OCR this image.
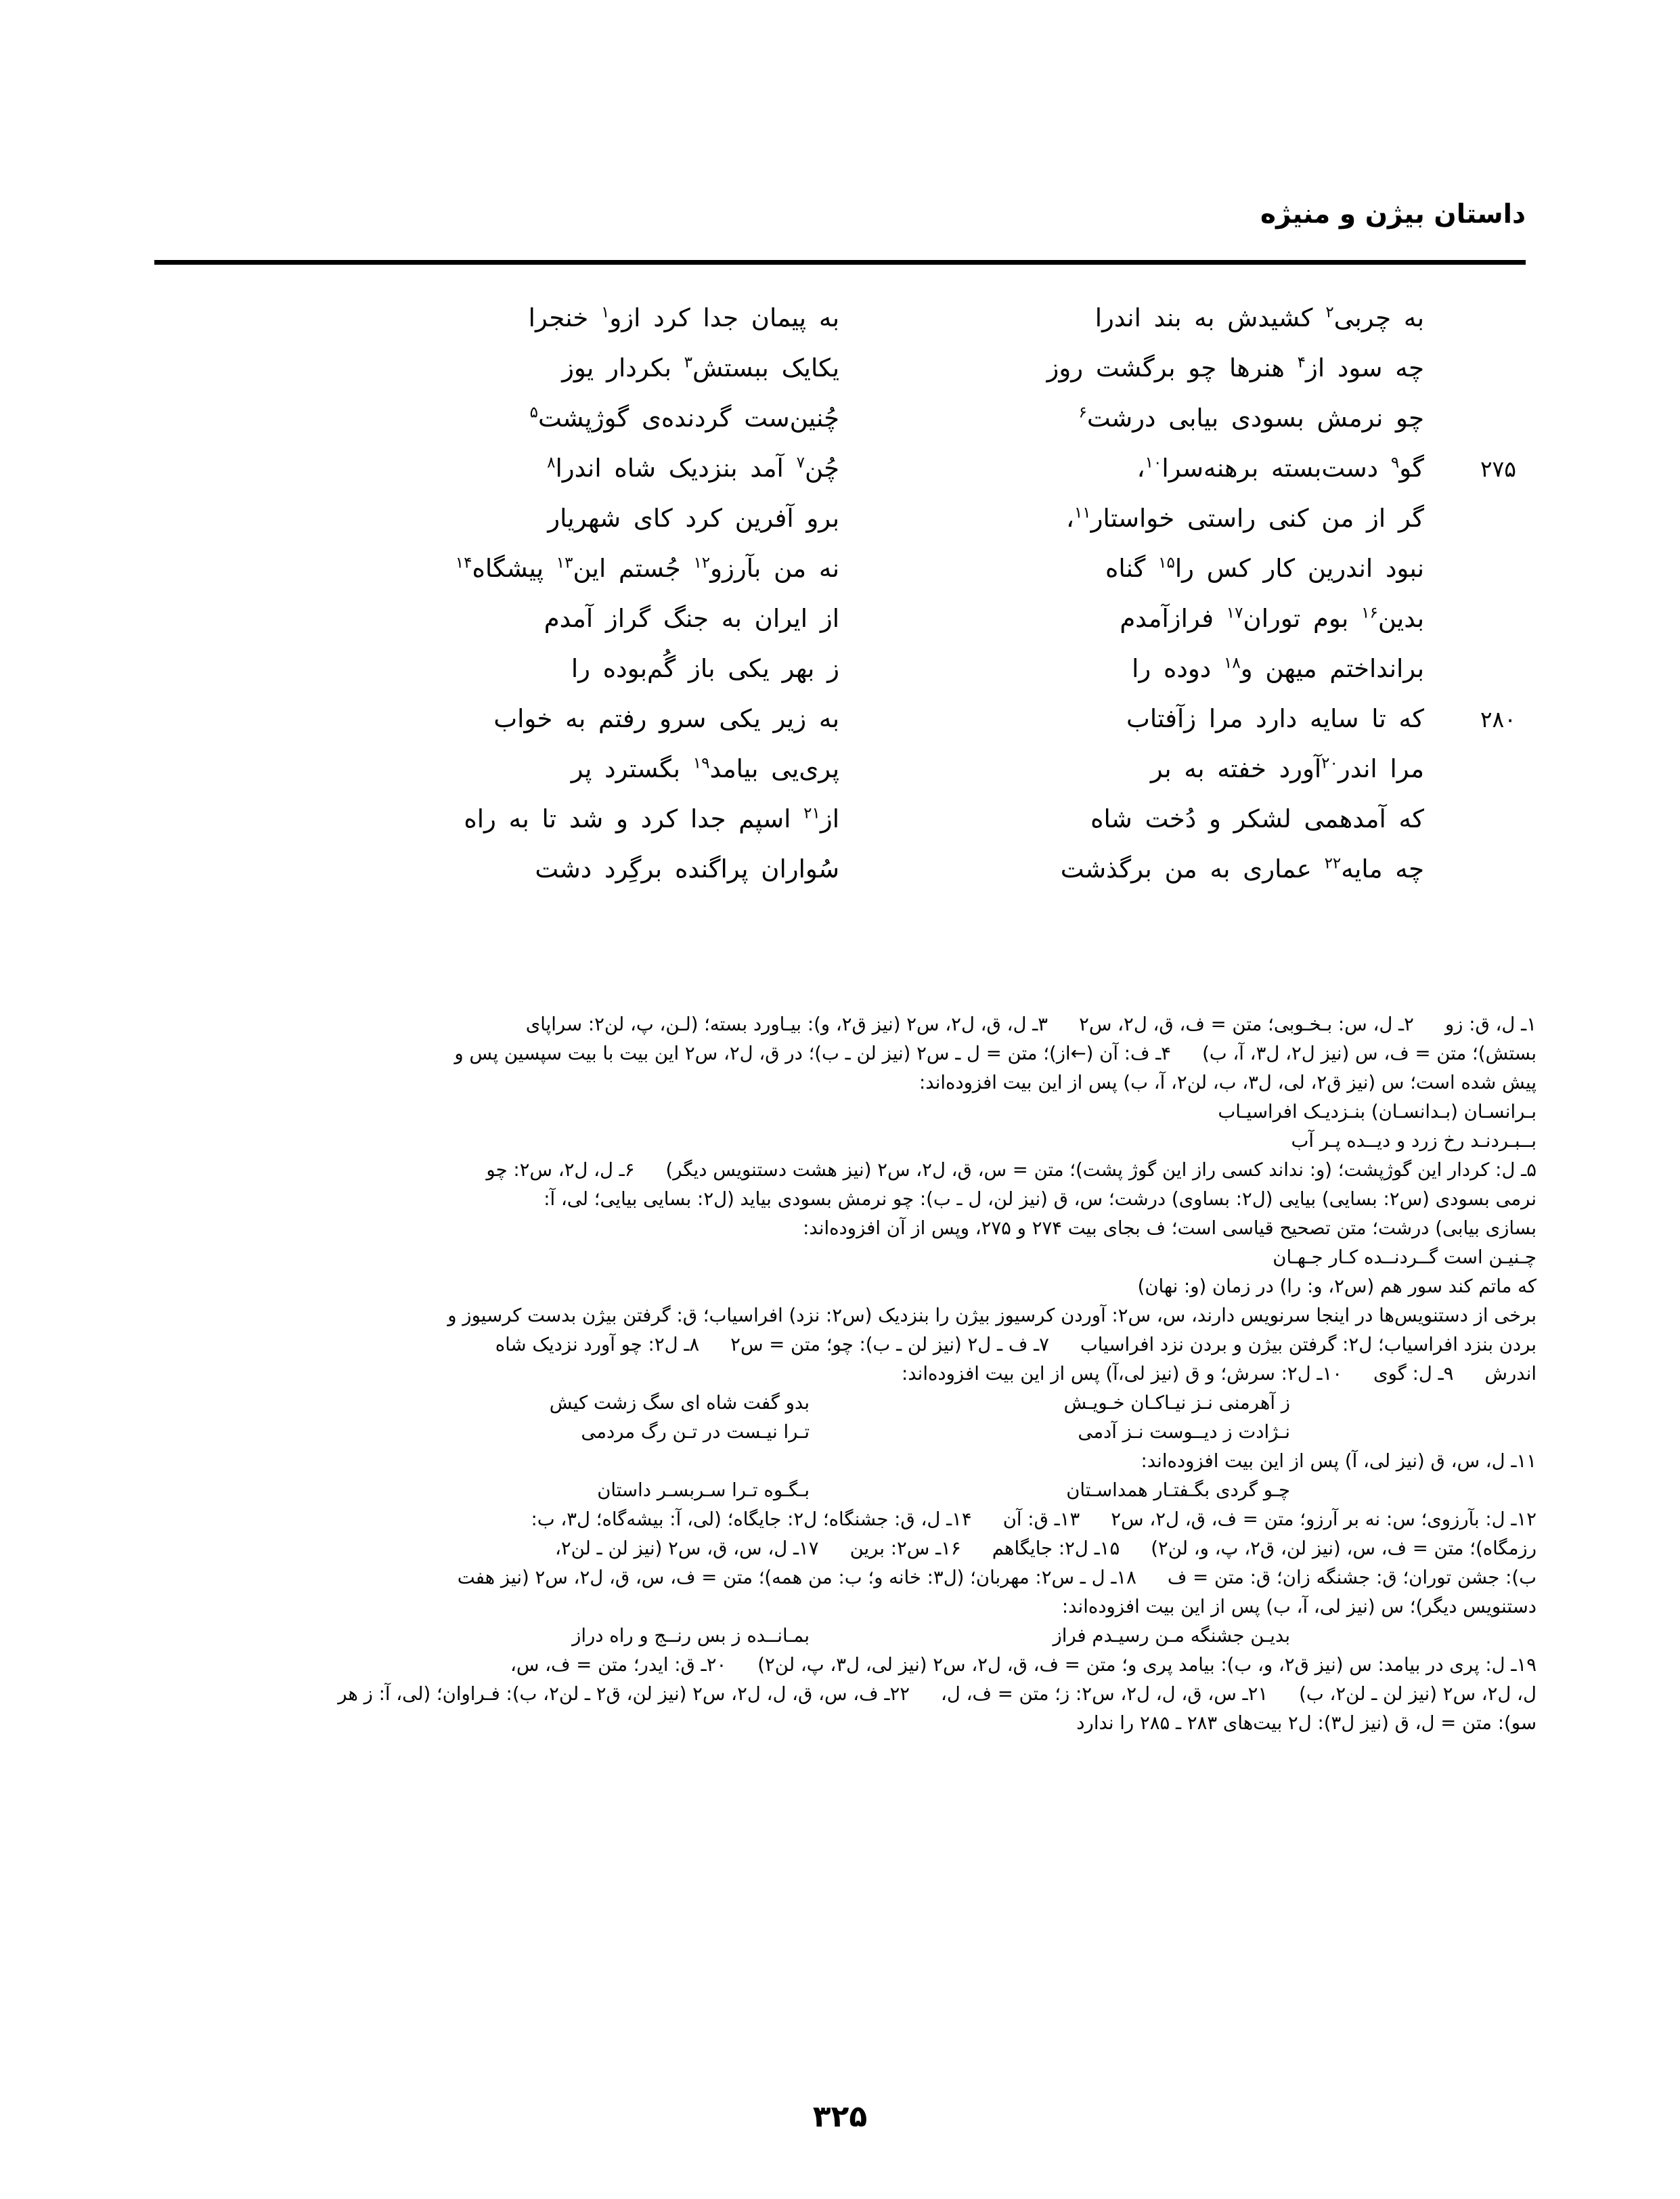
داستان بیژن و منیژه
به چربی$^۲$ کشیدش به بند اندرا
به پیمان جدا کرد ازو$^۱$ خنجرا
چه سود از$^۴$ هنرها چو برگشت روز
یکایک ببستش$^۳$ بکردار یوز
چو نرمش بسودی بیابی درشت$^۶$
چُنین‌ست گردنده‌ی گوژپشت$^۵$
۲۷۵
گو$^۹$ دست‌بسته برهنه‌سرا$^{۱۰}$،
چُن$^۷$ آمد بنزدیک شاه اندرا$^۸$
گر از من کنی راستی خواستار$^{۱۱}$،
برو آفرین کرد کای شهریار
نبود اندرین کار کس را$^{۱۵}$ گناه
نه من بآرزو$^{۱۲}$ جُستم این$^{۱۳}$ پیشگاه$^{۱۴}$
بدین$^{۱۶}$ بوم توران$^{۱۷}$ فرازآمدم
از ایران به جنگ گراز آمدم
برانداختم میهن و$^{۱۸}$ دوده را
ز بهر یکی باز گُم‌بوده را
۲۸۰
که تا سایه دارد مرا زآفتاب
به زیر یکی سرو رفتم به خواب
مرا اندر$^{۲۰}$آورد خفته به بر
پری‌یی بیامد$^{۱۹}$ بگسترد پر
که آمدهمی لشکر و دُخت شاه
از$^{۲۱}$ اسپم جدا کرد و شد تا به راه
چه مایه$^{۲۲}$ عماری به من برگذشت
سُواران پراگنده برگِرد دشت
۱ـ ل، ق: زو۲ـ ل، س: بـخـوبی؛ متن = ف، ق، ل۲، س۲۳ـ ل، ق، ل۲، س۲ (نیز ق۲، و): بیـاورد بسته؛ (لـن، پ، لن۲: سراپای
بستش)؛ متن = ف، س (نیز ل۲، ل۳، آ، ب)۴ـ ف: آن (←از)؛ متن = ل ـ س۲ (نیز لن ـ ب)؛ در ق، ل۲، س۲ این بیت با بیت سپسین پس و
پیش شده است؛ س (نیز ق۲، لی، ل۳، ب، لن۲، آ، ب) پس از این بیت افزوده‌اند:
بـرانسـان (بـدانسـان) بنـزدیـک افراسیـاب
بــبـردنـد رخ زرد و دیــده پـر آب
۵ـ ل: کردار این گوژپشت؛ (و: نداند کسی راز این گوژ پشت)؛ متن = س، ق، ل۲، س۲ (نیز هشت دستنویس دیگر)۶ـ ل، ل۲، س۲: چو
نرمی بسودی (س۲: بسایی) بیایی (ل۲: بساوی) درشت؛ س، ق (نیز لن، ل ـ ب): چو نرمش بسودی بیاید (ل۲: بسایی بیایی؛ لی، آ:
بسازی بیابی) درشت؛ متن تصحیح قیاسی است؛ ف بجای بیت ۲۷۴ و ۲۷۵، وپس از آن افزوده‌اند:
چـنیـن است گــردنــده کـار جـهـان
که ماتم کند سور هم (س۲، و: را) در زمان (و: نهان)
برخی از دستنویس‌ها در اینجا سرنویس دارند، س، س۲: آوردن کرسیوز بیژن را بنزدیک (س۲: نزد) افراسیاب؛ ق: گرفتن بیژن بدست کرسیوز و
بردن بنزد افراسیاب؛ ل۲: گرفتن بیژن و بردن نزد افراسیاب۷ـ ف ـ ل۲ (نیز لن ـ ب): چو؛ متن = س۲۸ـ ل۲: چو آورد نزدیک شاه
اندرش۹ـ ل: گوی۱۰ـ ل۲: سرش؛ و ق (نیز لی،آ) پس از این بیت افزوده‌اند:
ز آهرمنی نـز نیـاکـان خـویـش
بدو گفت شاه ای سگ زشت کیش
نـژادت ز دیــوست نـز آدمی
تـرا نیـست در تـن رگ مردمی
۱۱ـ ل، س، ق (نیز لی، آ) پس از این بیت افزوده‌اند:
چـو گردی بگـفتـار همداسـتان
بـگـوه تـرا سـربسـر داستان
۱۲ـ ل: بآرزوی؛ س: نه بر آرزو؛ متن = ف، ق، ل۲، س۲۱۳ـ ق: آن۱۴ـ ل، ق: جشنگاه؛ ل۲: جایگاه؛ (لی، آ: بیشه‌گاه؛ ل۳، ب:
رزمگاه)؛ متن = ف، س، (نیز لن، ق۲، پ، و، لن۲)۱۵ـ ل۲: جایگاهم۱۶ـ س۲: برین۱۷ـ ل، س، ق، س۲ (نیز لن ـ لن۲،
ب): جشن توران؛ ق: جشنگه زان؛ ق: متن = ف۱۸ـ ل ـ س۲: مهربان؛ (ل۳: خانه و؛ ب: من همه)؛ متن = ف، س، ق، ل۲، س۲ (نیز هفت
دستنویس دیگر)؛ س (نیز لی، آ، ب) پس از این بیت افزوده‌اند:
بدیـن جشنگه مـن رسیـدم فراز
بمـانــده ز بس رنــج و راه دراز
۱۹ـ ل: پری در بیامد: س (نیز ق۲، و، ب): بیامد پری و؛ متن = ف، ق، ل۲، س۲ (نیز لی، ل۳، پ، لن۲)۲۰ـ ق: ایدر؛ متن = ف، س،
ل، ل۲، س۲ (نیز لن ـ لن۲، ب)۲۱ـ س، ق، ل، ل۲، س۲: ز؛ متن = ف، ل،۲۲ـ ف، س، ق، ل، ل۲، س۲ (نیز لن، ق۲ ـ لن۲، ب): فـراوان؛ (لی، آ: ز هر
سو): متن = ل، ق (نیز ل۳): ل۲ بیت‌های ۲۸۳ ـ ۲۸۵ را ندارد
۳۲۵
